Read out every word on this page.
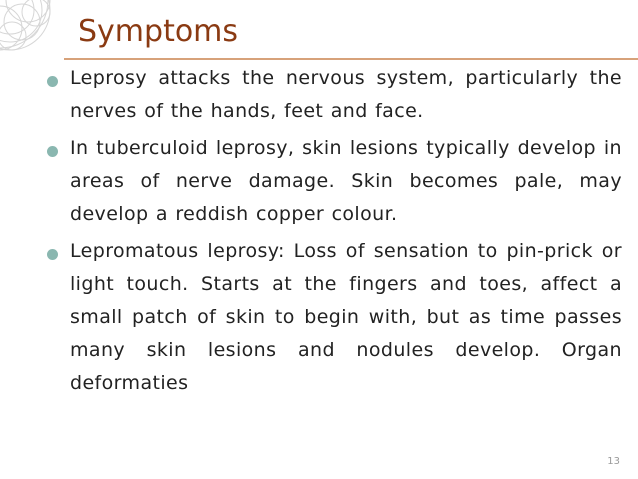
Symptoms
Leprosy attacks the nervous system, particularly the nerves of the hands, feet and face.
In tuberculoid leprosy, skin lesions typically develop in areas of nerve damage. Skin becomes pale, may develop a reddish copper colour.
Lepromatous leprosy: Loss of sensation to pin-prick or light touch. Starts at the fingers and toes, affect a small patch of skin to begin with, but as time passes many skin lesions and nodules develop. Organ deformaties
13
